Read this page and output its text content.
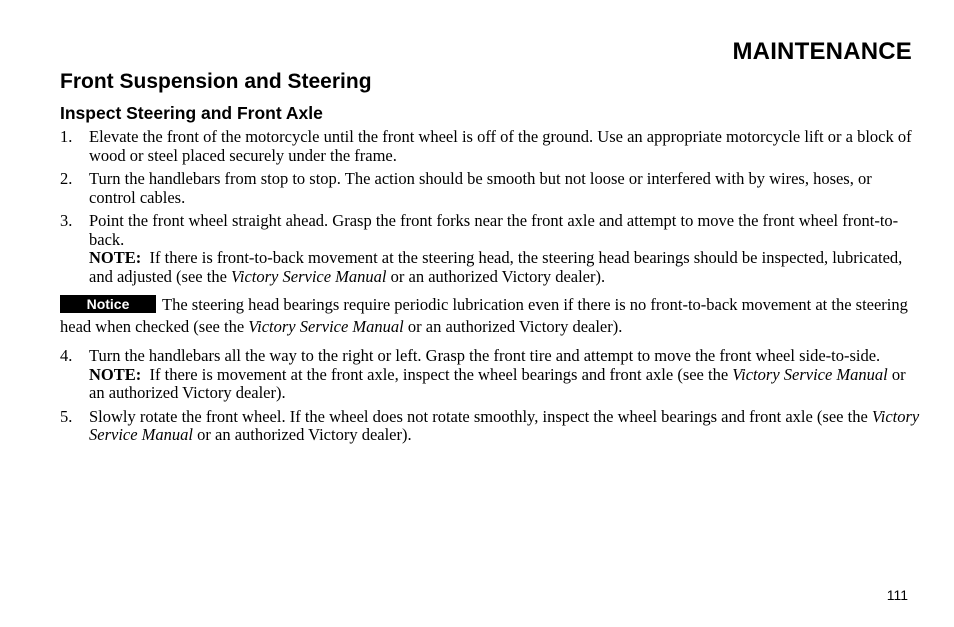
MAINTENANCE
Front Suspension and Steering
Inspect Steering and Front Axle
1. Elevate the front of the motorcycle until the front wheel is off of the ground. Use an appropriate motorcycle lift or a block of wood or steel placed securely under the frame.
2. Turn the handlebars from stop to stop. The action should be smooth but not loose or interfered with by wires, hoses, or control cables.
3. Point the front wheel straight ahead. Grasp the front forks near the front axle and attempt to move the front wheel front-to-back.
NOTE: If there is front-to-back movement at the steering head, the steering head bearings should be inspected, lubricated, and adjusted (see the Victory Service Manual or an authorized Victory dealer).
Notice The steering head bearings require periodic lubrication even if there is no front-to-back movement at the steering head when checked (see the Victory Service Manual or an authorized Victory dealer).
4. Turn the handlebars all the way to the right or left. Grasp the front tire and attempt to move the front wheel side-to-side.
NOTE: If there is movement at the front axle, inspect the wheel bearings and front axle (see the Victory Service Manual or an authorized Victory dealer).
5. Slowly rotate the front wheel. If the wheel does not rotate smoothly, inspect the wheel bearings and front axle (see the Victory Service Manual or an authorized Victory dealer).
111
